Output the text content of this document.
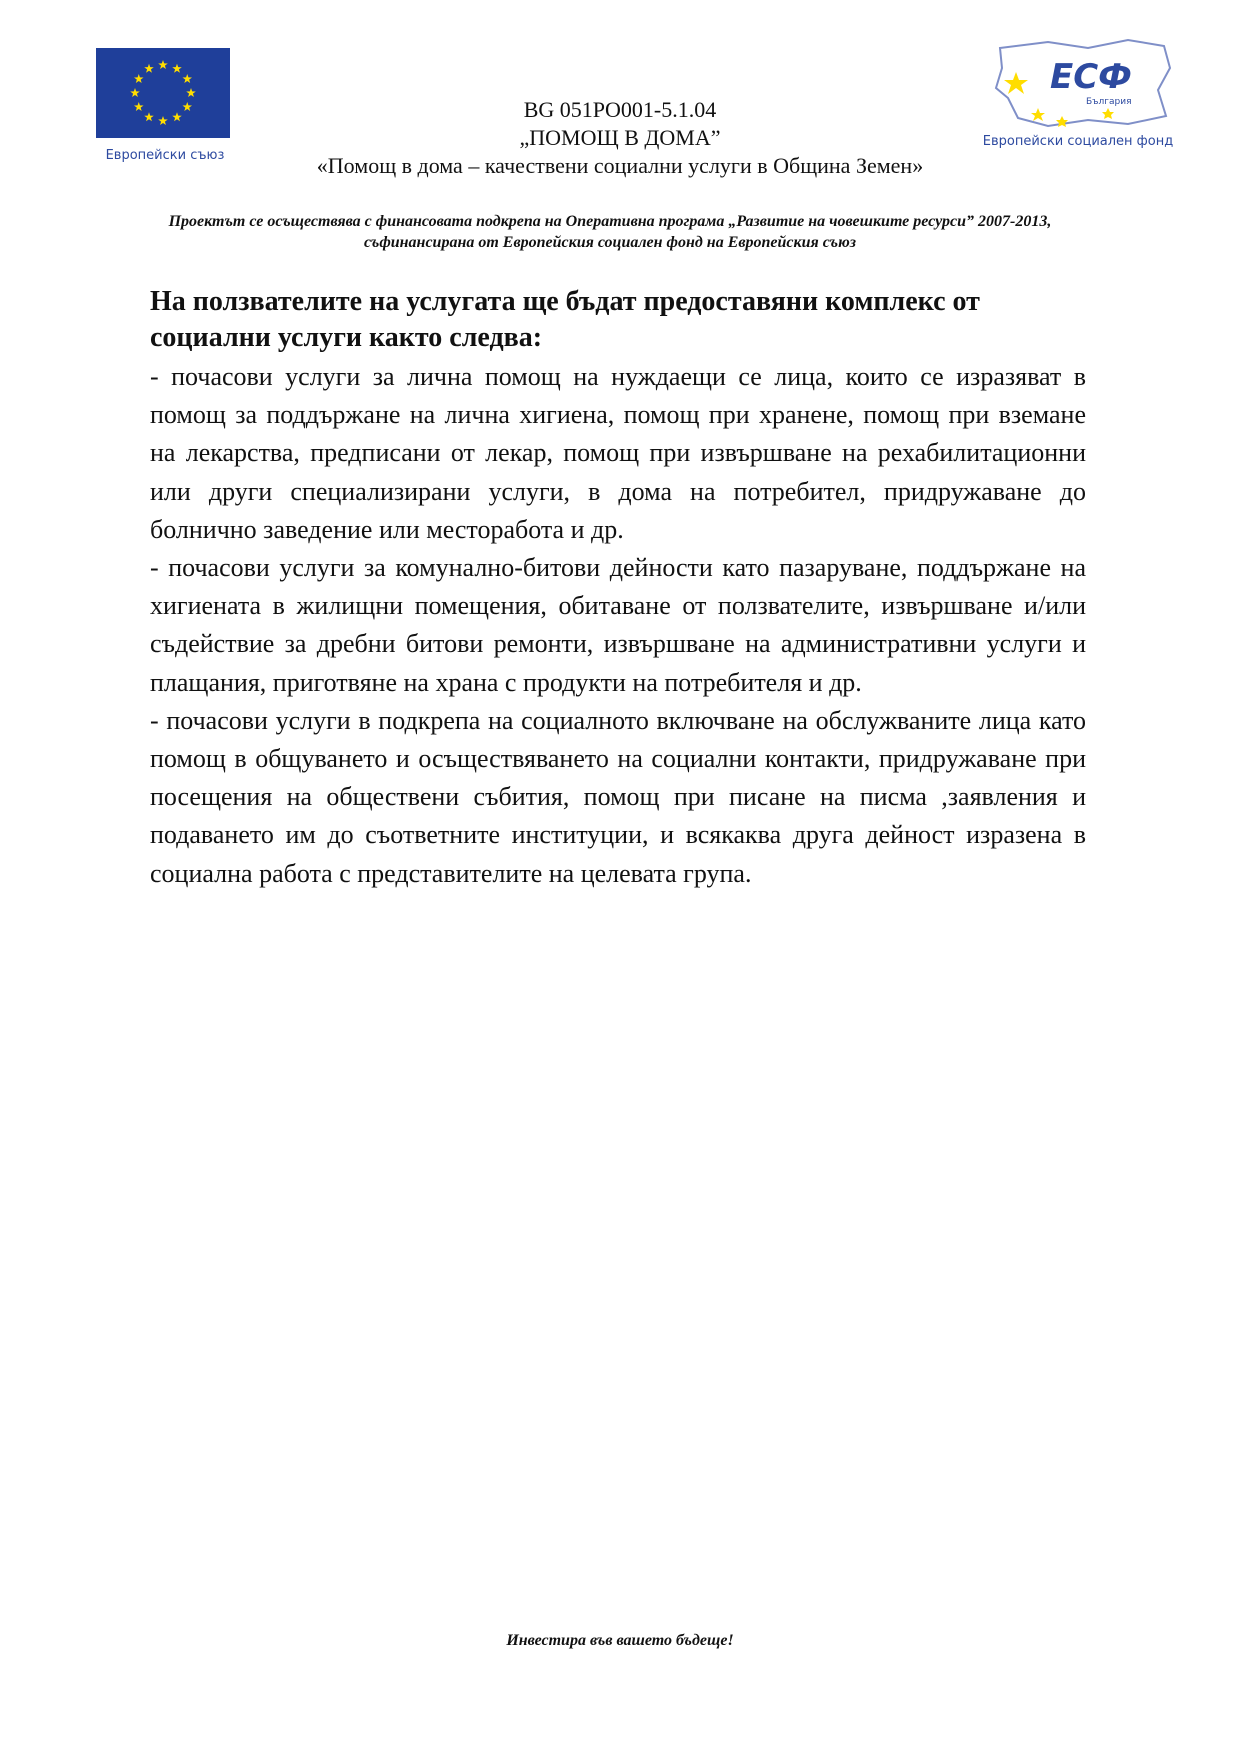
Европейски съюз
ЕСФ
България
Европейски социален фонд
BG 051PO001-5.1.04
„ПОМОЩ В ДОМА”
«Помощ в дома – качествени социални услуги в Община Земен»
Проектът се осъществява с финансовата подкрепа на Оперативна програма „Развитие на човешките ресурси” 2007-2013, съфинансирана от Европейския социален фонд на Европейския съюз

На ползвателите на услугата ще бъдат предоставяни комплекс от социални услуги както следва:

- почасови услуги за лична помощ на нуждаещи се лица, които се изразяват в помощ за поддържане на лична хигиена, помощ при хранене, помощ при вземане на лекарства, предписани от лекар, помощ при извършване на рехабилитационни или други специализирани услуги, в дома на потребител, придружаване до болнично заведение или месторабота и др.

- почасови услуги за комунално-битови дейности като пазаруване, поддържане на хигиената в жилищни помещения, обитаване от ползвателите, извършване и/или съдействие за дребни битови ремонти, извършване на административни услуги и плащания, приготвяне на храна с продукти на потребителя и др.

- почасови услуги в подкрепа на социалното включване на обслужваните лица като помощ в общуването и осъществяването на социални контакти, придружаване при посещения на обществени събития, помощ при писане на писма ,заявления и подаването им до съответните институции, и всякаква друга дейност изразена в социална работа с представителите на целевата група.

Инвестира във вашето бъдеще!
